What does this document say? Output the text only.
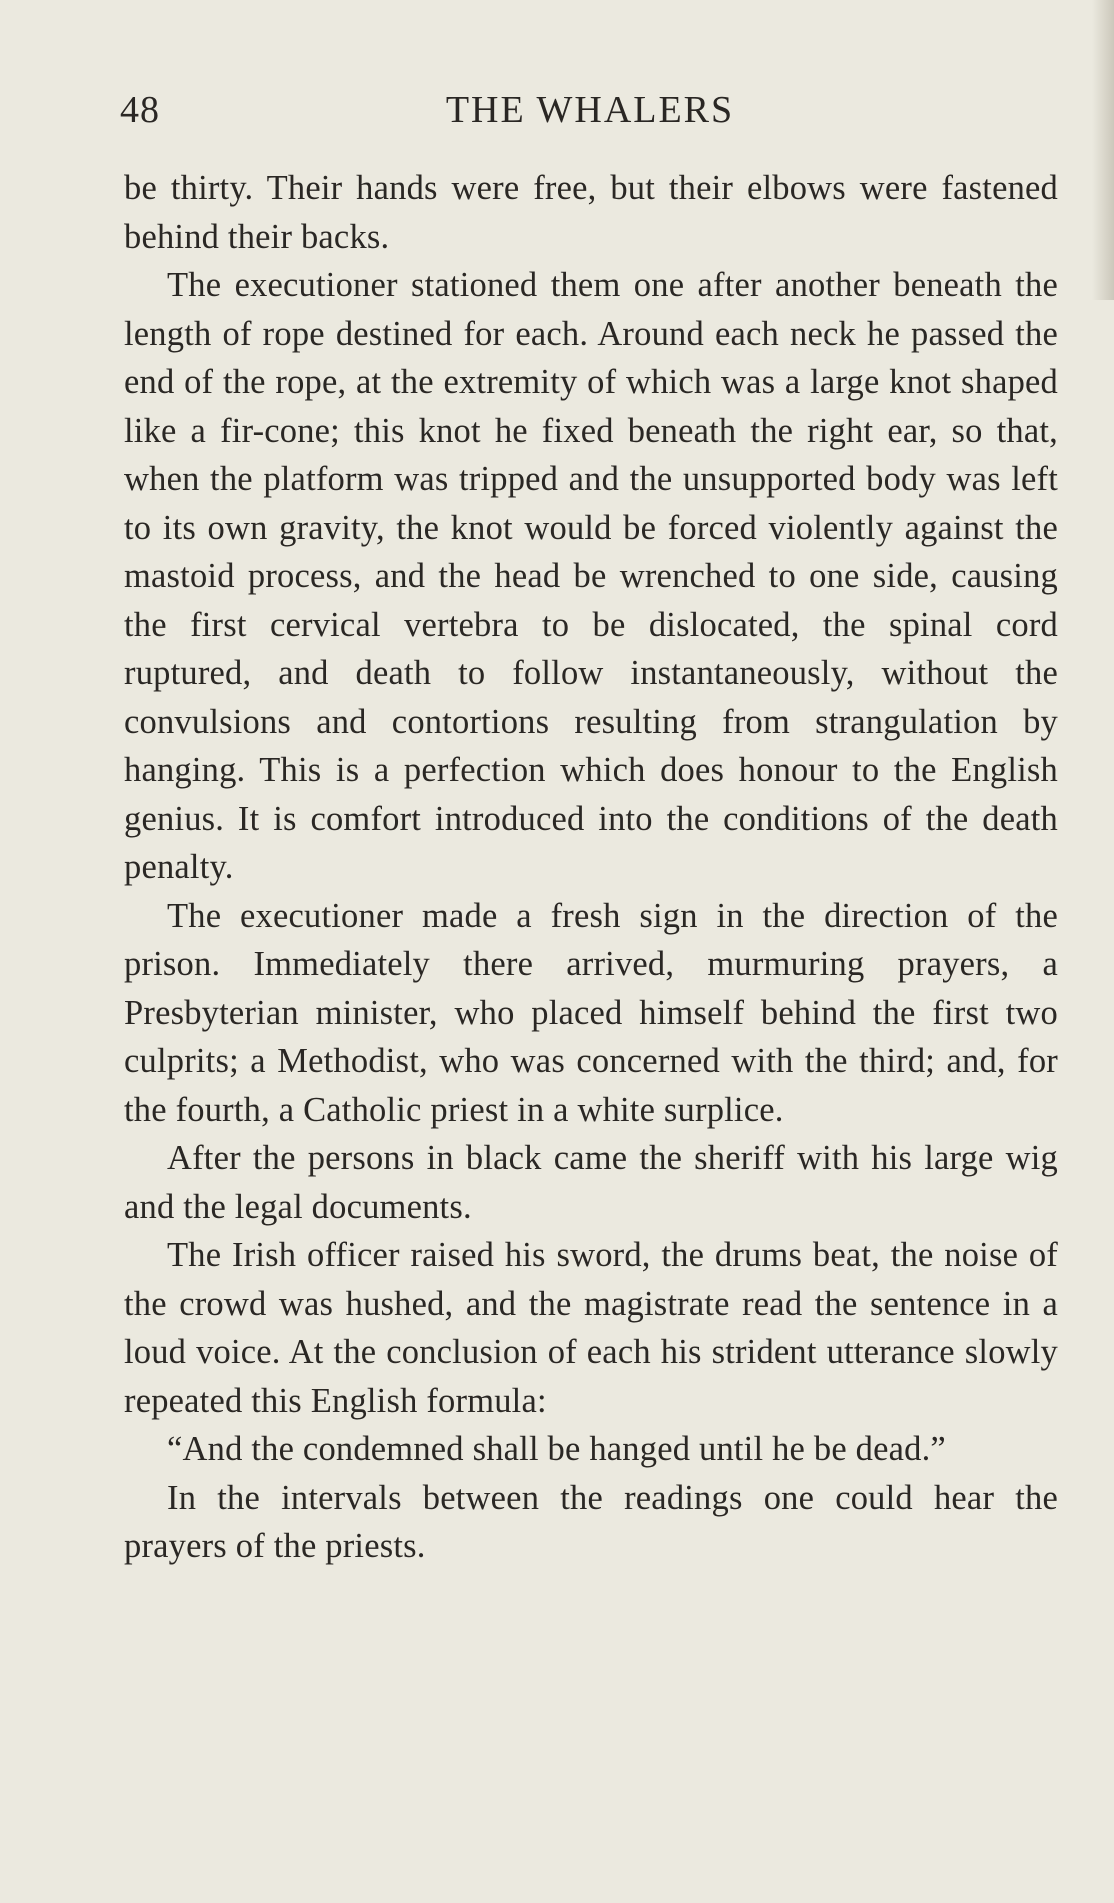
48	THE WHALERS

be thirty. Their hands were free, but their elbows were fastened behind their backs.

The executioner stationed them one after another beneath the length of rope destined for each. Around each neck he passed the end of the rope, at the extremity of which was a large knot shaped like a fir-cone; this knot he fixed beneath the right ear, so that, when the platform was tripped and the unsupported body was left to its own gravity, the knot would be forced violently against the mastoid process, and the head be wrenched to one side, causing the first cervical vertebra to be dislocated, the spinal cord ruptured, and death to follow instantaneously, without the convulsions and contortions resulting from strangulation by hanging. This is a perfection which does honour to the English genius. It is comfort introduced into the conditions of the death penalty.

The executioner made a fresh sign in the direction of the prison. Immediately there arrived, murmuring prayers, a Presbyterian minister, who placed himself behind the first two culprits; a Methodist, who was concerned with the third; and, for the fourth, a Catholic priest in a white surplice.

After the persons in black came the sheriff with his large wig and the legal documents.

The Irish officer raised his sword, the drums beat, the noise of the crowd was hushed, and the magistrate read the sentence in a loud voice. At the conclusion of each his strident utterance slowly repeated this English formula:

“And the condemned shall be hanged until he be dead.”

In the intervals between the readings one could hear the prayers of the priests.
